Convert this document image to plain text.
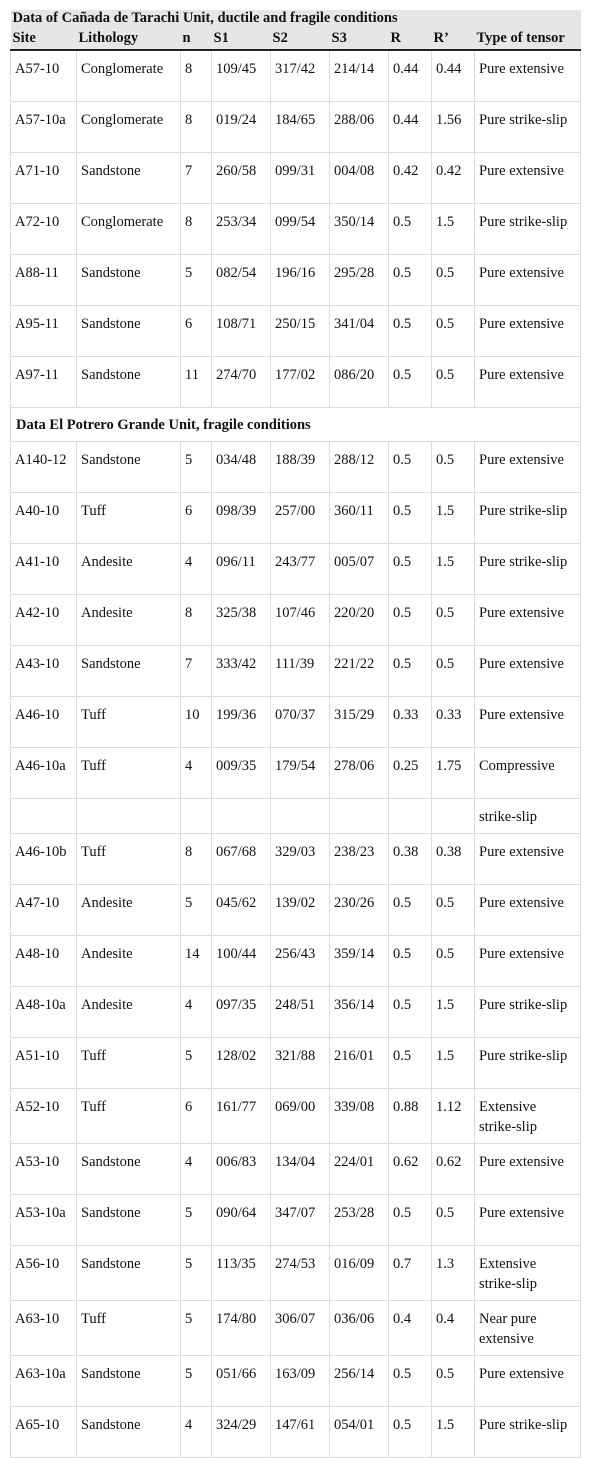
Data of Cañada de Tarachi Unit, ductile and fragile conditions								
Site	Lithology	n	S1	S2	S3	R	R’	Type of tensor
A57-10	Conglomerate	8	109/45	317/42	214/14	0.44	0.44	Pure extensive
A57-10a	Conglomerate	8	019/24	184/65	288/06	0.44	1.56	Pure strike-slip
A71-10	Sandstone	7	260/58	099/31	004/08	0.42	0.42	Pure extensive
A72-10	Conglomerate	8	253/34	099/54	350/14	0.5	1.5	Pure strike-slip
A88-11	Sandstone	5	082/54	196/16	295/28	0.5	0.5	Pure extensive
A95-11	Sandstone	6	108/71	250/15	341/04	0.5	0.5	Pure extensive
A97-11	Sandstone	11	274/70	177/02	086/20	0.5	0.5	Pure extensive
Data El Potrero Grande Unit, fragile conditions								
A140-12	Sandstone	5	034/48	188/39	288/12	0.5	0.5	Pure extensive
A40-10	Tuff	6	098/39	257/00	360/11	0.5	1.5	Pure strike-slip
A41-10	Andesite	4	096/11	243/77	005/07	0.5	1.5	Pure strike-slip
A42-10	Andesite	8	325/38	107/46	220/20	0.5	0.5	Pure extensive
A43-10	Sandstone	7	333/42	111/39	221/22	0.5	0.5	Pure extensive
A46-10	Tuff	10	199/36	070/37	315/29	0.33	0.33	Pure extensive
A46-10a	Tuff	4	009/35	179/54	278/06	0.25	1.75	Compressive
								strike-slip
A46-10b	Tuff	8	067/68	329/03	238/23	0.38	0.38	Pure extensive
A47-10	Andesite	5	045/62	139/02	230/26	0.5	0.5	Pure extensive
A48-10	Andesite	14	100/44	256/43	359/14	0.5	0.5	Pure extensive
A48-10a	Andesite	4	097/35	248/51	356/14	0.5	1.5	Pure strike-slip
A51-10	Tuff	5	128/02	321/88	216/01	0.5	1.5	Pure strike-slip
A52-10	Tuff	6	161/77	069/00	339/08	0.88	1.12	Extensive strike-slip
A53-10	Sandstone	4	006/83	134/04	224/01	0.62	0.62	Pure extensive
A53-10a	Sandstone	5	090/64	347/07	253/28	0.5	0.5	Pure extensive
A56-10	Sandstone	5	113/35	274/53	016/09	0.7	1.3	Extensive strike-slip
A63-10	Tuff	5	174/80	306/07	036/06	0.4	0.4	Near pure extensive
A63-10a	Sandstone	5	051/66	163/09	256/14	0.5	0.5	Pure extensive
A65-10	Sandstone	4	324/29	147/61	054/01	0.5	1.5	Pure strike-slip
